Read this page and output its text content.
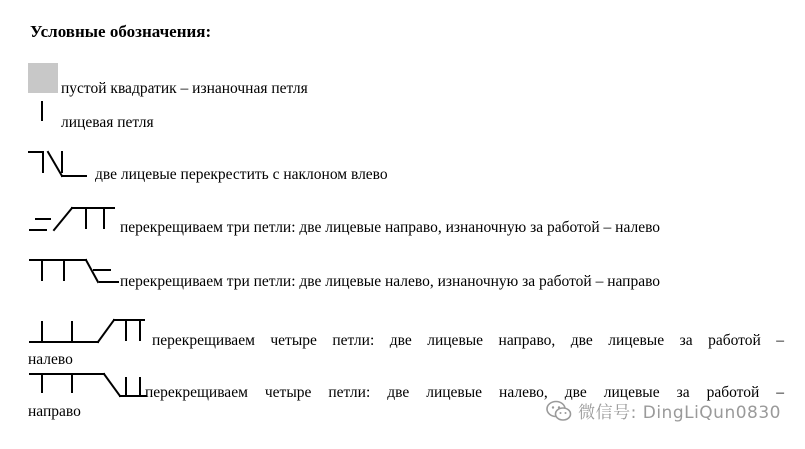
Условные обозначения:
пустой квадратик – изнаночная петля
лицевая петля
две лицевые перекрестить с наклоном влево
перекрещиваем три петли: две лицевые направо, изнаночную за работой – налево
перекрещиваем три петли: две лицевые налево, изнаночную за работой – направо
перекрещиваем четыре петли: две лицевые направо, две лицевые за работой –
налево
перекрещиваем четыре петли: две лицевые налево, две лицевые за работой –
направо	微信号: DingLiQun0830
